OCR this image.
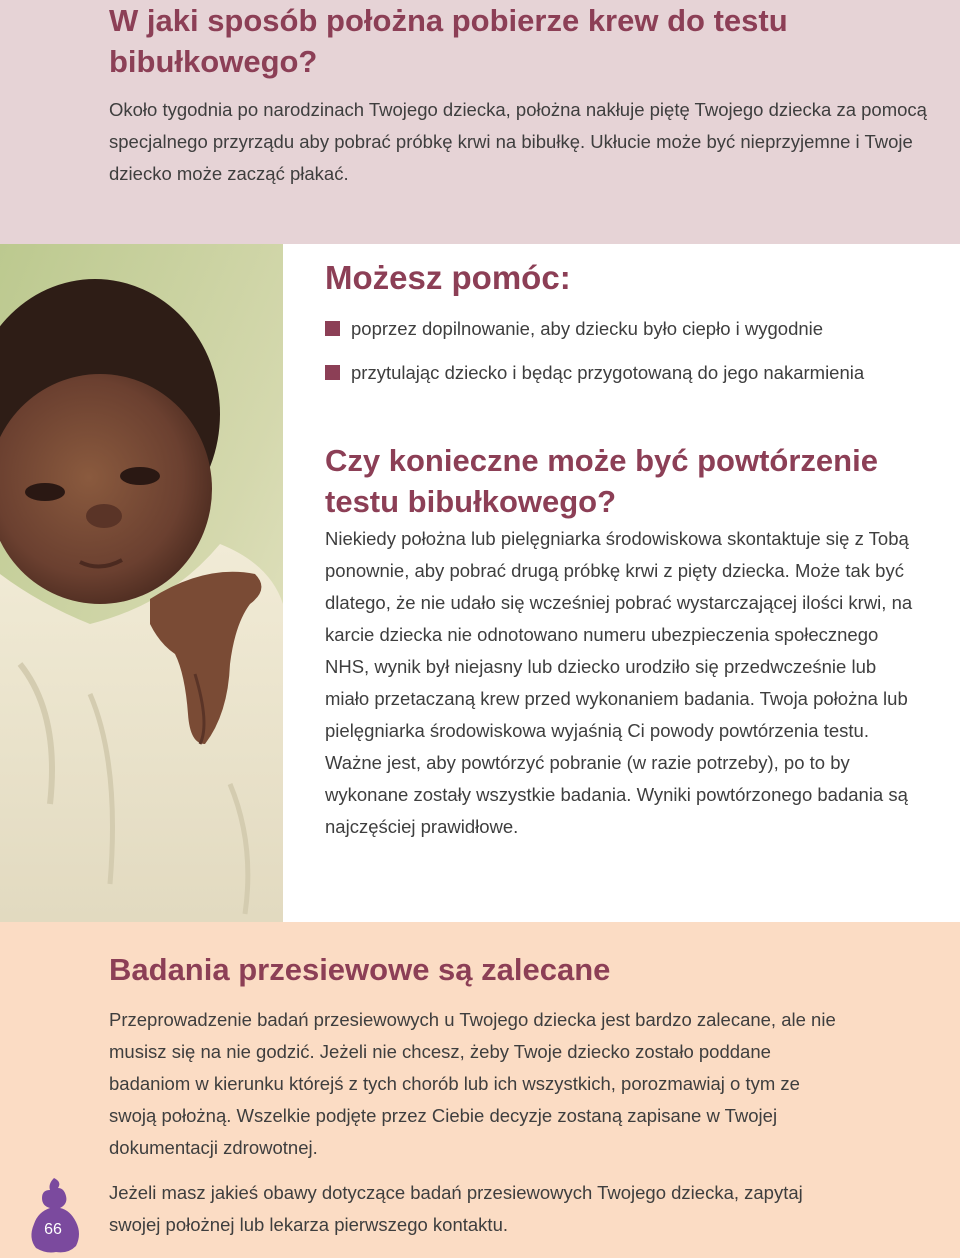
W jaki sposób położna pobierze krew do testu bibułkowego?

Około tygodnia po narodzinach Twojego dziecka, położna nakłuje piętę Twojego dziecka za pomocą specjalnego przyrządu aby pobrać próbkę krwi na bibułkę. Ukłucie może być nieprzyjemne i Twoje dziecko może zacząć płakać.

Możesz pomóc:
poprzez dopilnowanie, aby dziecku było ciepło i wygodnie
przytulając dziecko i będąc przygotowaną do jego nakarmienia
Czy konieczne może być powtórzenie testu bibułkowego?

Niekiedy położna lub pielęgniarka środowiskowa skontaktuje się z Tobą ponownie, aby pobrać drugą próbkę krwi z pięty dziecka. Może tak być dlatego, że nie udało się wcześniej pobrać wystarczającej ilości krwi, na karcie dziecka nie odnotowano numeru ubezpieczenia społecznego NHS, wynik był niejasny lub dziecko urodziło się przedwcześnie lub miało przetaczaną krew przed wykonaniem badania. Twoja położna lub pielęgniarka środowiskowa wyjaśnią Ci powody powtórzenia testu. Ważne jest, aby powtórzyć pobranie (w razie potrzeby), po to by wykonane zostały wszystkie badania. Wyniki powtórzonego badania są najczęściej prawidłowe.

Badania przesiewowe są zalecane

Przeprowadzenie badań przesiewowych u Twojego dziecka jest bardzo zalecane, ale nie musisz się na nie godzić. Jeżeli nie chcesz, żeby Twoje dziecko zostało poddane badaniom w kierunku którejś z tych chorób lub ich wszystkich, porozmawiaj o tym ze swoją położną. Wszelkie podjęte przez Ciebie decyzje zostaną zapisane w Twojej dokumentacji zdrowotnej.

Jeżeli masz jakieś obawy dotyczące badań przesiewowych Twojego dziecka, zapytaj swojej położnej lub lekarza pierwszego kontaktu.

66
